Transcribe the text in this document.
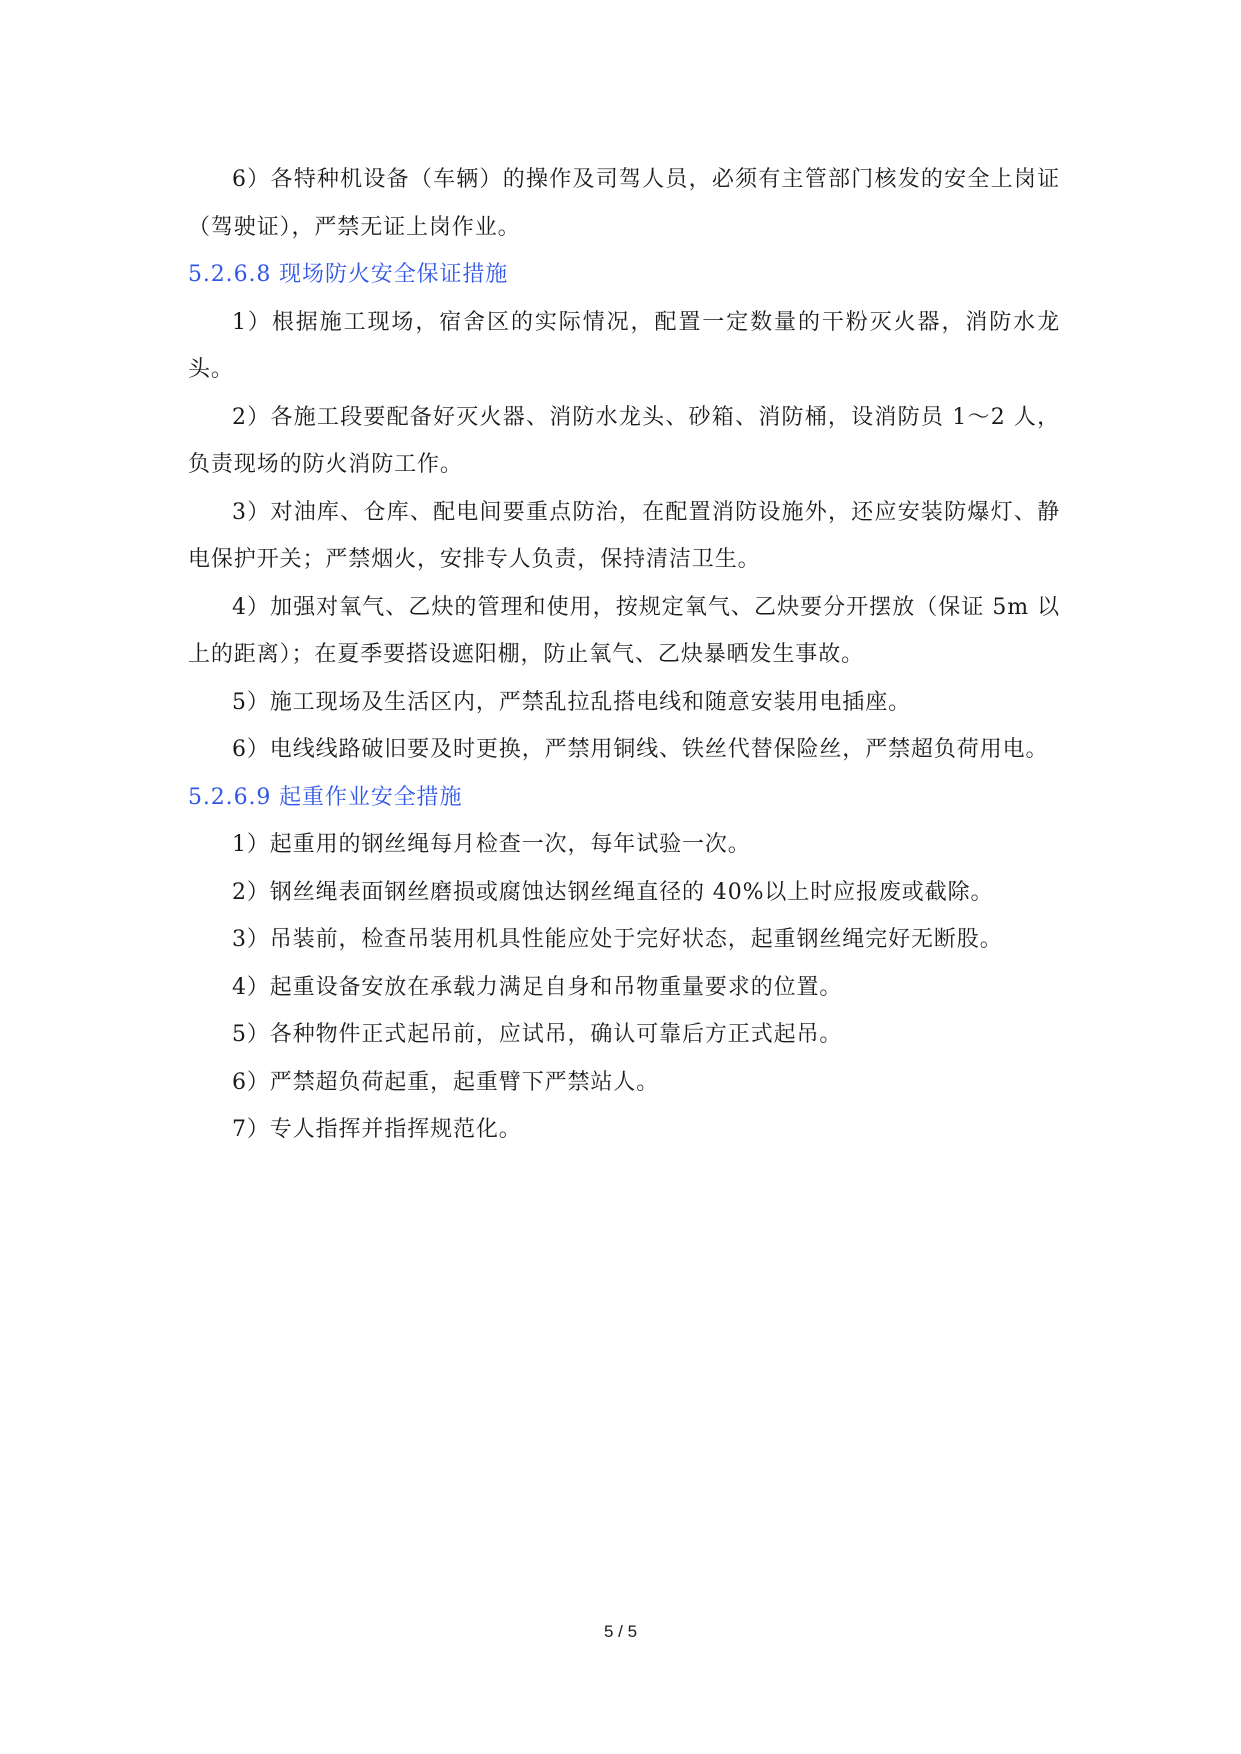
6）各特种机设备（车辆）的操作及司驾人员，必须有主管部门核发的安全上岗证（驾驶证），严禁无证上岗作业。

5.2.6.8 现场防火安全保证措施

1）根据施工现场，宿舍区的实际情况，配置一定数量的干粉灭火器，消防水龙头。

2）各施工段要配备好灭火器、消防水龙头、砂箱、消防桶，设消防员 1～2 人，负责现场的防火消防工作。

3）对油库、仓库、配电间要重点防治，在配置消防设施外，还应安装防爆灯、静电保护开关；严禁烟火，安排专人负责，保持清洁卫生。

4）加强对氧气、乙炔的管理和使用，按规定氧气、乙炔要分开摆放（保证 5m 以上的距离）；在夏季要搭设遮阳棚，防止氧气、乙炔暴晒发生事故。

5）施工现场及生活区内，严禁乱拉乱搭电线和随意安装用电插座。

6）电线线路破旧要及时更换，严禁用铜线、铁丝代替保险丝，严禁超负荷用电。

5.2.6.9 起重作业安全措施

1）起重用的钢丝绳每月检查一次，每年试验一次。

2）钢丝绳表面钢丝磨损或腐蚀达钢丝绳直径的 40%以上时应报废或截除。

3）吊装前，检查吊装用机具性能应处于完好状态，起重钢丝绳完好无断股。

4）起重设备安放在承载力满足自身和吊物重量要求的位置。

5）各种物件正式起吊前，应试吊，确认可靠后方正式起吊。

6）严禁超负荷起重，起重臂下严禁站人。

7）专人指挥并指挥规范化。

5 / 5
